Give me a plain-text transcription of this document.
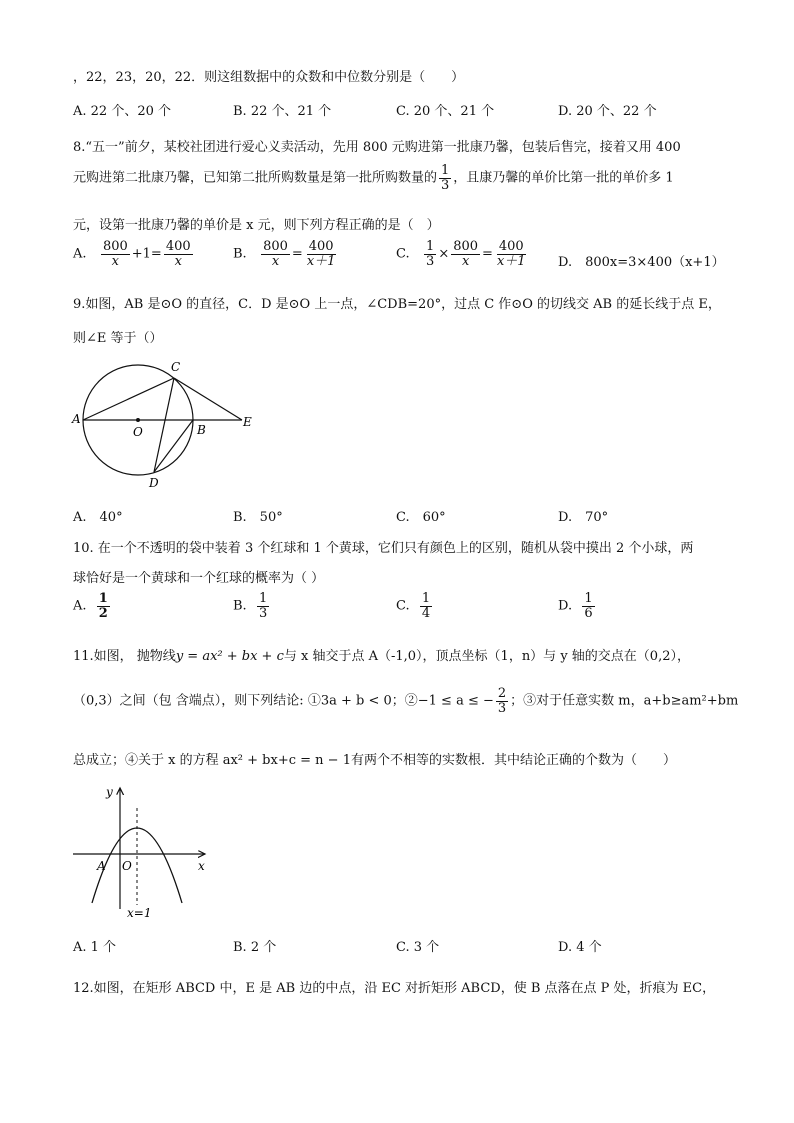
，22，23，20，22．则这组数据中的众数和中位数分别是（　　）
A. 22 个、20 个	B. 22 个、21 个	C. 20 个、21 个	D. 20 个、22 个
8.“五一”前夕，某校社团进行爱心义卖活动，先用 800 元购进第一批康乃馨，包装后售完，接着又用 400
元购进第二批康乃馨，已知第二批所购数量是第一批所购数量的 $\frac{1}{3}$ ，且康乃馨的单价比第一批的单价多 1
元，设第一批康乃馨的单价是 x 元，则下列方程正确的是（　）
A. $\frac{800}{x} +1= \frac{400}{x}$	B. $\frac{800}{x} = \frac{400}{x+1}$	C. $\frac{1}{3} \times \frac{800}{x} = \frac{400}{x+1} D$.　800x=3×400（x+1）
9.如图，AB 是⊙O 的直径，C．D 是⊙O 上一点，∠CDB=20°，过点 C 作⊙O 的切线交 AB 的延长线于点 E，
则∠E 等于（）
A
O	B
C
D
E
A.　40°	B.　50°	C.　60°	D.　70°
10. 在一个不透明的袋中装着 3 个红球和 1 个黄球，它们只有颜色上的区别，随机从袋中摸出 2 个小球，两
球恰好是一个黄球和一个红球的概率为（ ）
A. $\frac{1}{2}$	B. $\frac{1}{3}$	C. $\frac{1}{4}$	D. $\frac{1}{6}$
11.如图， 抛物线y = ax² + bx + c与 x 轴交于点 A（-1,0），顶点坐标（1，n）与 y 轴的交点在（0,2），
（0,3）之间（包 含端点），则下列结论: ①3a + b < 0；②−1 ≤ a ≤ − $\frac{2}{3}$ ；③对于任意实数 m，a+b≥am²+bm
总成立；④关于 x 的方程 ax² + bx+c = n − 1有两个不相等的实数根．其中结论正确的个数为（　　）
y
x
A O
x=1
A. 1 个	B. 2 个	C. 3 个	D. 4 个
12.如图，在矩形 ABCD 中，E 是 AB 边的中点，沿 EC 对折矩形 ABCD，使 B 点落在点 P 处，折痕为 EC，
